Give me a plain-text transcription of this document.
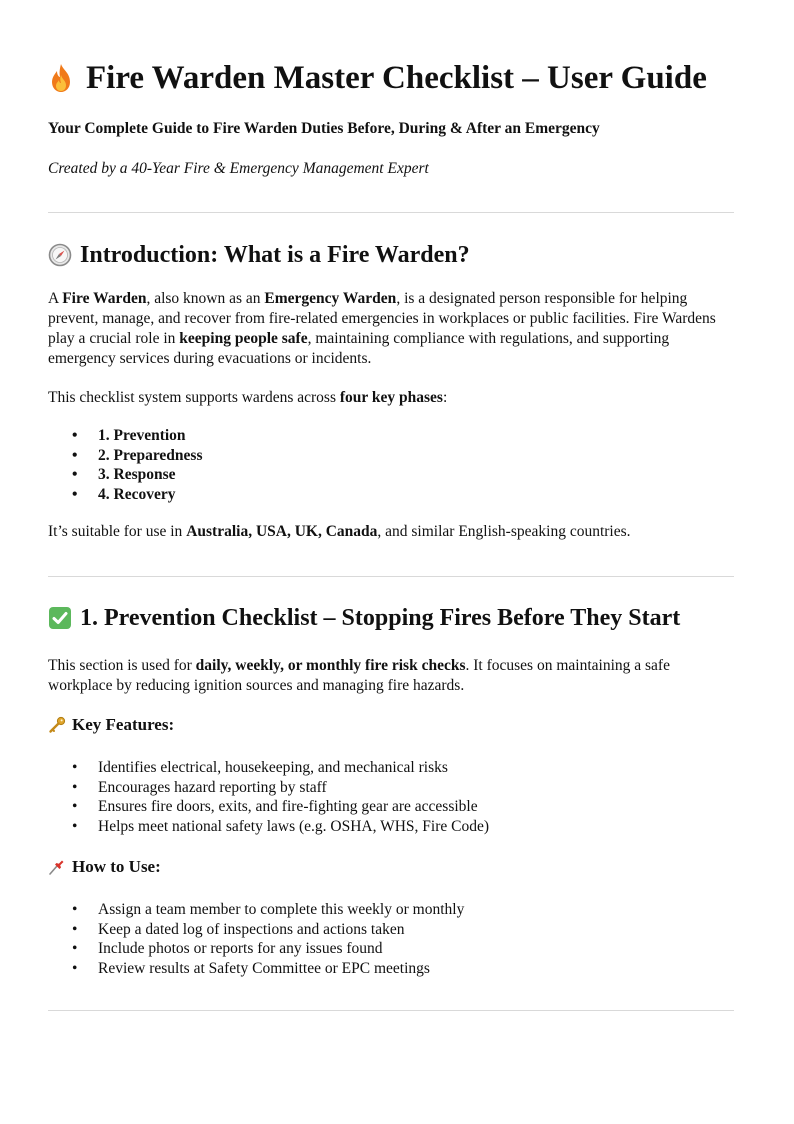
Fire Warden Master Checklist – User Guide

Your Complete Guide to Fire Warden Duties Before, During & After an Emergency

Created by a 40-Year Fire & Emergency Management Expert

Introduction: What is a Fire Warden?

A Fire Warden, also known as an Emergency Warden, is a designated person responsible for helping prevent, manage, and recover from fire-related emergencies in workplaces or public facilities. Fire Wardens play a crucial role in keeping people safe, maintaining compliance with regulations, and supporting emergency services during evacuations or incidents.

This checklist system supports wardens across four key phases:

• 1. Prevention
• 2. Preparedness
• 3. Response
• 4. Recovery

It’s suitable for use in Australia, USA, UK, Canada, and similar English-speaking countries.

1. Prevention Checklist – Stopping Fires Before They Start

This section is used for daily, weekly, or monthly fire risk checks. It focuses on maintaining a safe workplace by reducing ignition sources and managing fire hazards.

Key Features:
• Identifies electrical, housekeeping, and mechanical risks
• Encourages hazard reporting by staff
• Ensures fire doors, exits, and fire-fighting gear are accessible
• Helps meet national safety laws (e.g. OSHA, WHS, Fire Code)
How to Use:
• Assign a team member to complete this weekly or monthly
• Keep a dated log of inspections and actions taken
• Include photos or reports for any issues found
• Review results at Safety Committee or EPC meetings
